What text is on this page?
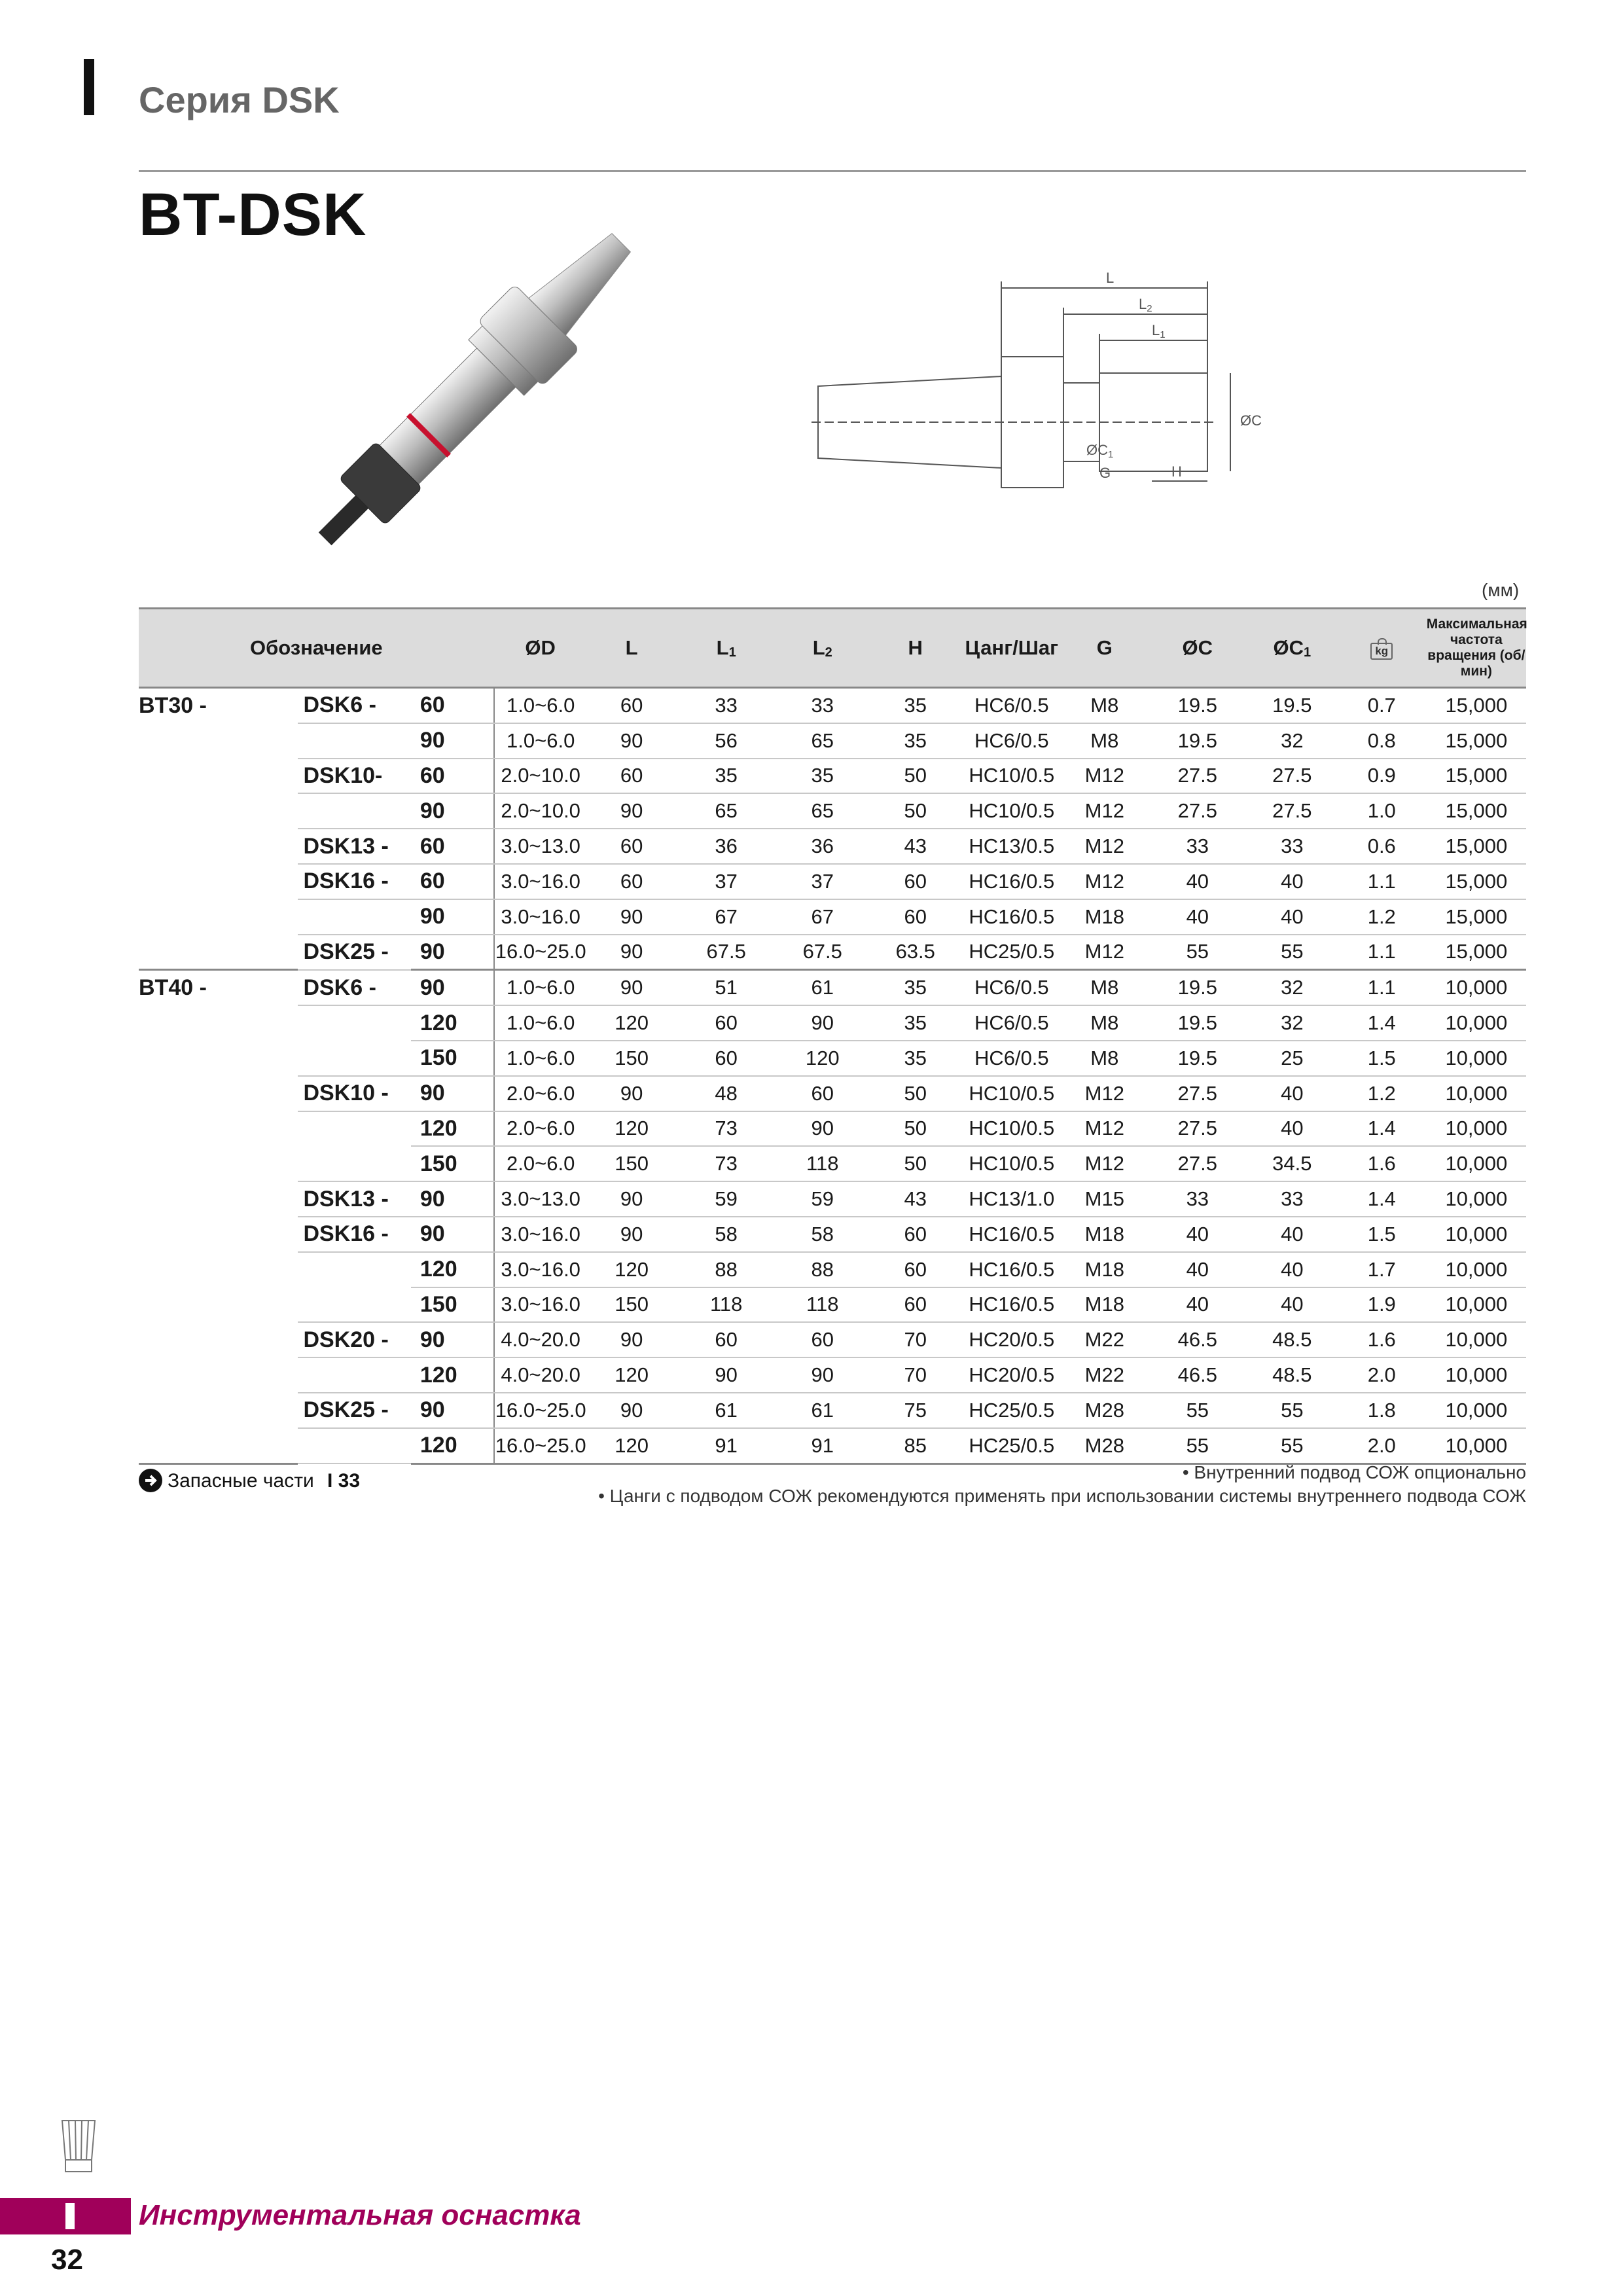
Серия DSK
BT-DSK
L
L2
L1
ØC
ØC1
G	H
(мм)
Обозначение			ØD	L	$L_1$	$L_2$	H	Цанг/Шаг	G	ØC	$ØC_1$	kg	Максимальная частота вращения (об/мин)
BT30 -	DSK6 -	60	1.0~6.0	60	33	33	35	HC6/0.5	M8	19.5	19.5	0.7	15,000
		90	1.0~6.0	90	56	65	35	HC6/0.5	M8	19.5	32	0.8	15,000
	DSK10-	60	2.0~10.0	60	35	35	50	HC10/0.5	M12	27.5	27.5	0.9	15,000
		90	2.0~10.0	90	65	65	50	HC10/0.5	M12	27.5	27.5	1.0	15,000
	DSK13 -	60	3.0~13.0	60	36	36	43	HC13/0.5	M12	33	33	0.6	15,000
	DSK16 -	60	3.0~16.0	60	37	37	60	HC16/0.5	M12	40	40	1.1	15,000
		90	3.0~16.0	90	67	67	60	HC16/0.5	M18	40	40	1.2	15,000
	DSK25 -	90	16.0~25.0	90	67.5	67.5	63.5	HC25/0.5	M12	55	55	1.1	15,000
BT40 -	DSK6 -	90	1.0~6.0	90	51	61	35	HC6/0.5	M8	19.5	32	1.1	10,000
		120	1.0~6.0	120	60	90	35	HC6/0.5	M8	19.5	32	1.4	10,000
		150	1.0~6.0	150	60	120	35	HC6/0.5	M8	19.5	25	1.5	10,000
	DSK10 -	90	2.0~6.0	90	48	60	50	HC10/0.5	M12	27.5	40	1.2	10,000
		120	2.0~6.0	120	73	90	50	HC10/0.5	M12	27.5	40	1.4	10,000
		150	2.0~6.0	150	73	118	50	HC10/0.5	M12	27.5	34.5	1.6	10,000
	DSK13 -	90	3.0~13.0	90	59	59	43	HC13/1.0	M15	33	33	1.4	10,000
	DSK16 -	90	3.0~16.0	90	58	58	60	HC16/0.5	M18	40	40	1.5	10,000
		120	3.0~16.0	120	88	88	60	HC16/0.5	M18	40	40	1.7	10,000
		150	3.0~16.0	150	118	118	60	HC16/0.5	M18	40	40	1.9	10,000
	DSK20 -	90	4.0~20.0	90	60	60	70	HC20/0.5	M22	46.5	48.5	1.6	10,000
		120	4.0~20.0	120	90	90	70	HC20/0.5	M22	46.5	48.5	2.0	10,000
	DSK25 -	90	16.0~25.0	90	61	61	75	HC25/0.5	M28	55	55	1.8	10,000
		120	16.0~25.0	120	91	91	85	HC25/0.5	M28	55	55	2.0	10,000
Запасные части I 33	• Внутренний подвод СОЖ опционально
• Цанги с подводом СОЖ рекомендуются применять при использовании системы внутреннего подвода СОЖ
Инструментальная оснастка
32
